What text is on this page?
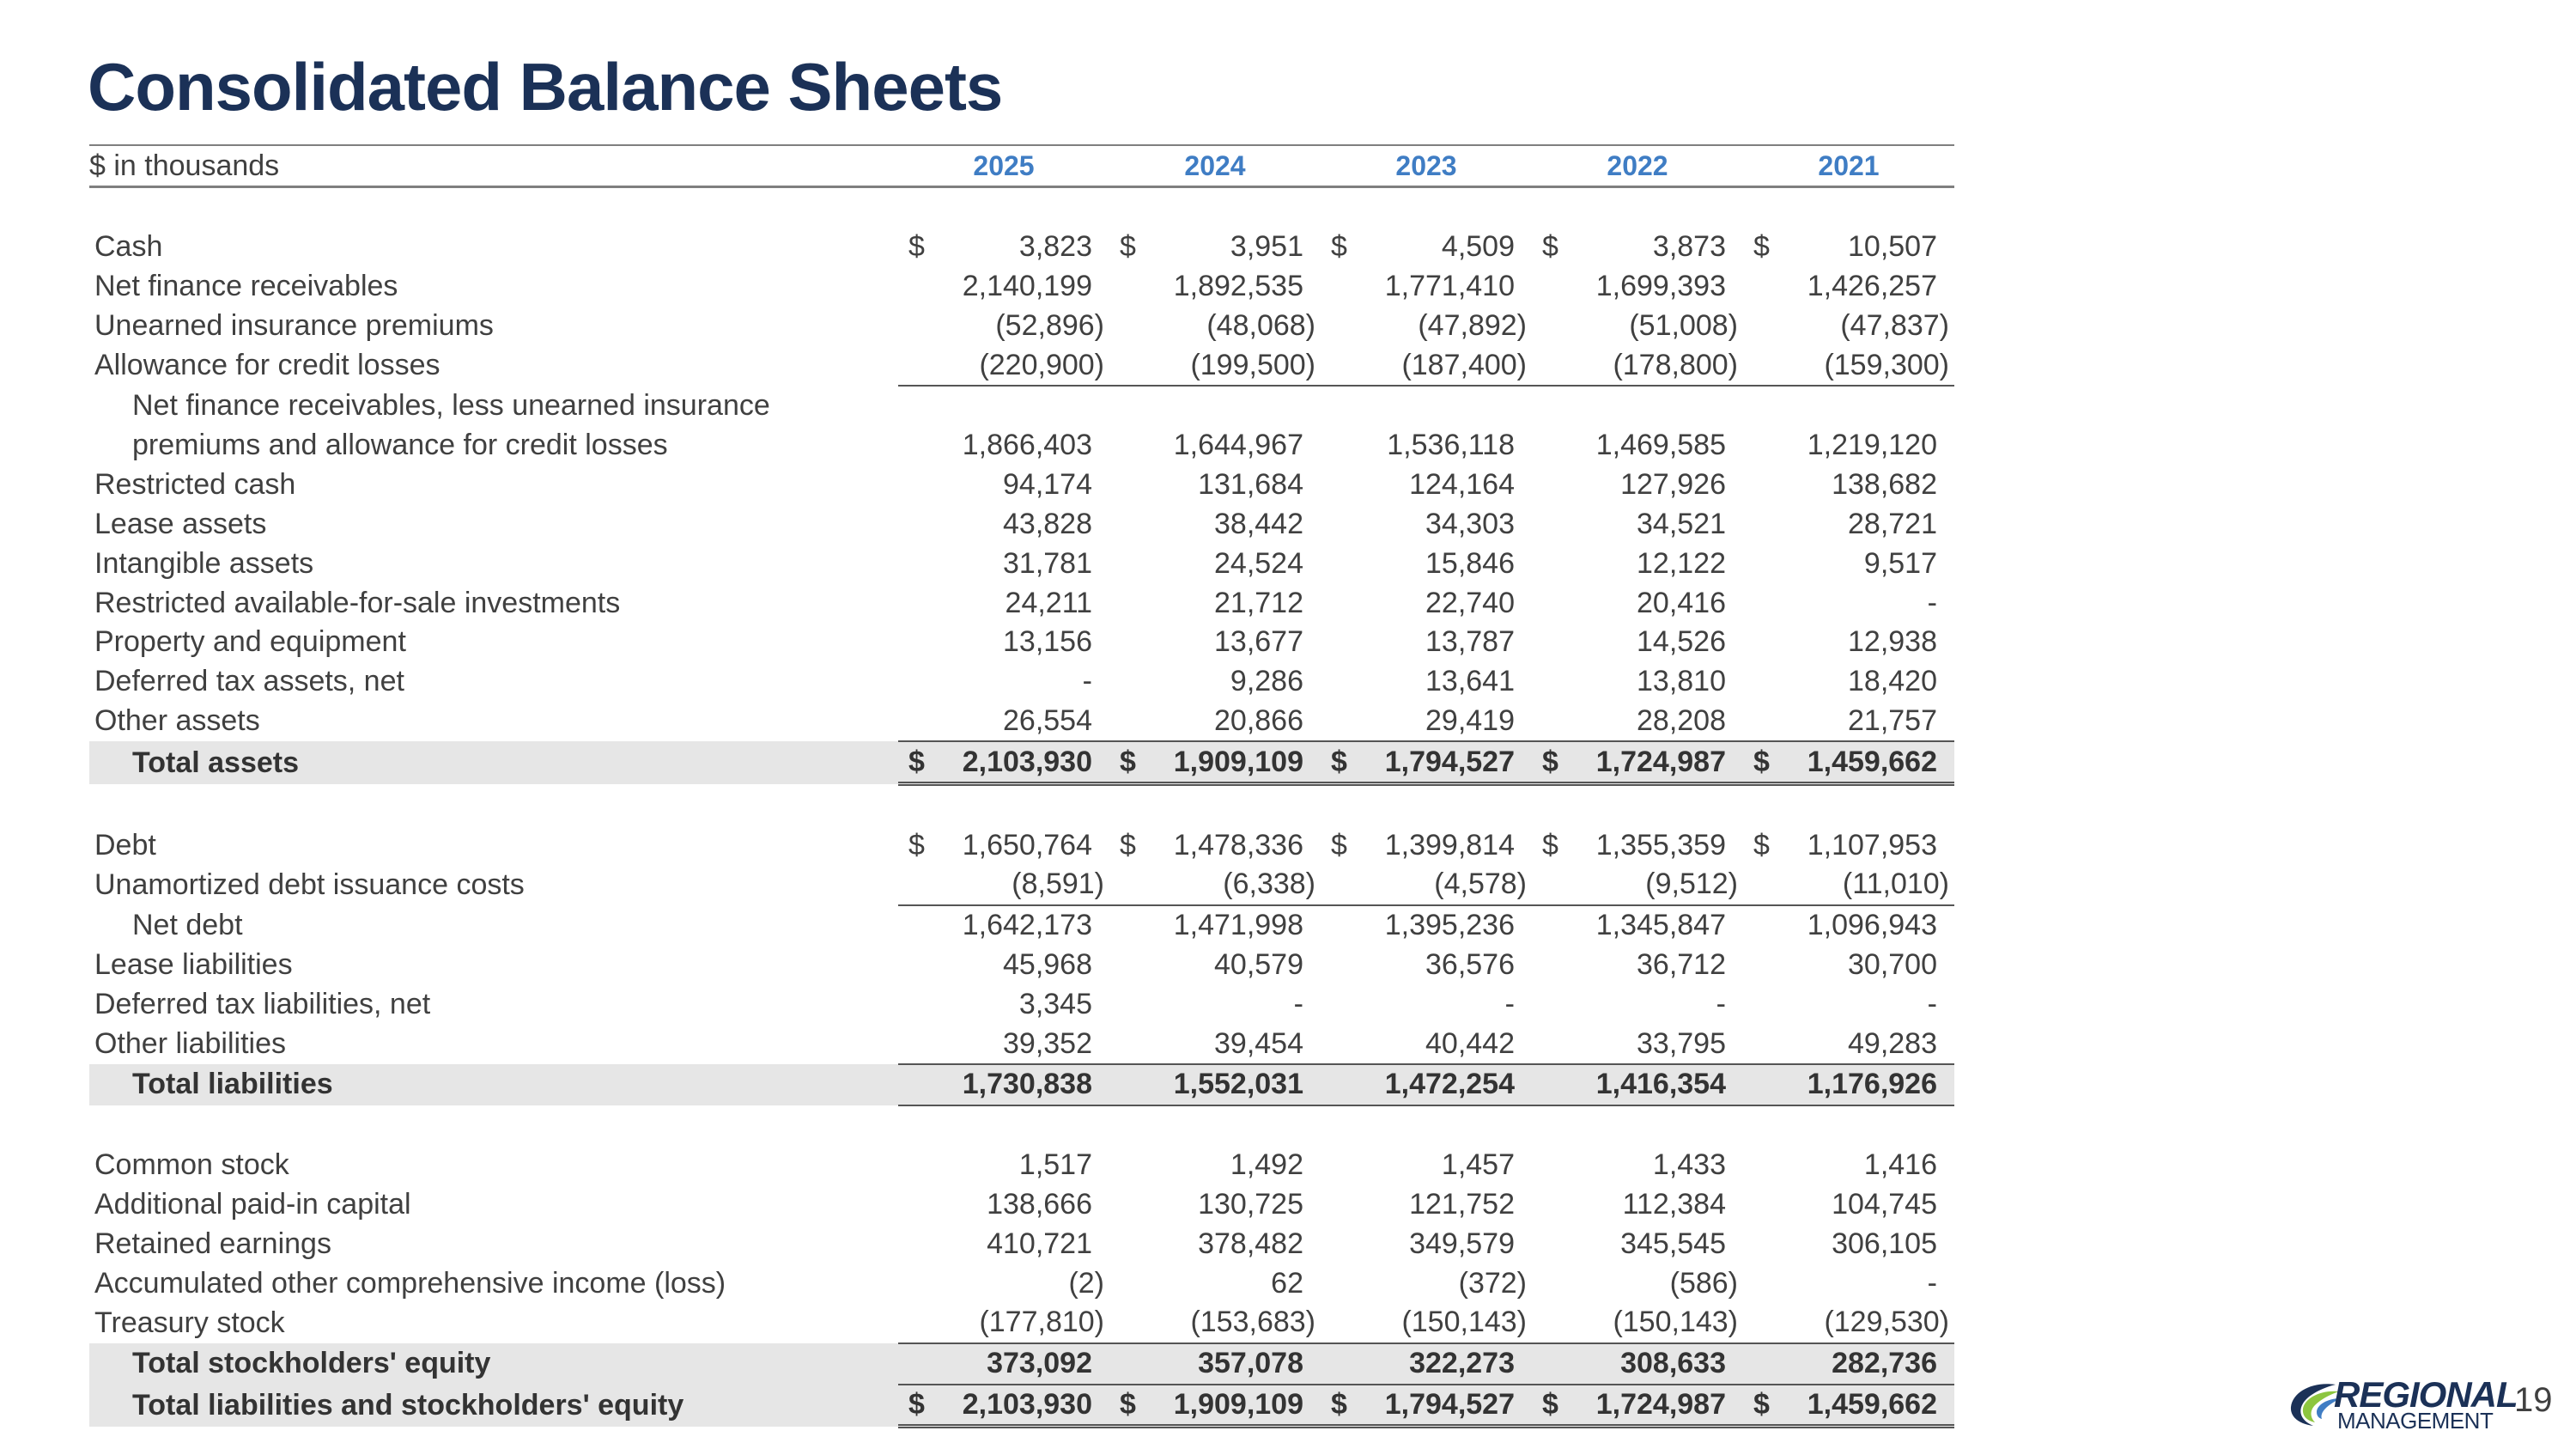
Consolidated Balance Sheets
$ in thousands	2025		2024		2023		2022		2021	

Cash	$	3,823	$	3,951	$	4,509	$	3,873	$	10,507
Net finance receivables		2,140,199		1,892,535		1,771,410		1,699,393		1,426,257
Unearned insurance premiums		(52,896)		(48,068)		(47,892)		(51,008)		(47,837)
Allowance for credit losses		(220,900)		(199,500)		(187,400)		(178,800)		(159,300)
Net finance receivables, less unearned insurance										
premiums and allowance for credit losses		1,866,403		1,644,967		1,536,118		1,469,585		1,219,120
Restricted cash		94,174		131,684		124,164		127,926		138,682
Lease assets		43,828		38,442		34,303		34,521		28,721
Intangible assets		31,781		24,524		15,846		12,122		9,517
Restricted available-for-sale investments		24,211		21,712		22,740		20,416		-
Property and equipment		13,156		13,677		13,787		14,526		12,938
Deferred tax assets, net		-		9,286		13,641		13,810		18,420
Other assets		26,554		20,866		29,419		28,208		21,757
Total assets	$	2,103,930	$	1,909,109	$	1,794,527	$	1,724,987	$	1,459,662

Debt	$	1,650,764	$	1,478,336	$	1,399,814	$	1,355,359	$	1,107,953
Unamortized debt issuance costs		(8,591)		(6,338)		(4,578)		(9,512)		(11,010)
Net debt		1,642,173		1,471,998		1,395,236		1,345,847		1,096,943
Lease liabilities		45,968		40,579		36,576		36,712		30,700
Deferred tax liabilities, net		3,345		-		-		-		-
Other liabilities		39,352		39,454		40,442		33,795		49,283
Total liabilities		1,730,838		1,552,031		1,472,254		1,416,354		1,176,926

Common stock		1,517		1,492		1,457		1,433		1,416
Additional paid-in capital		138,666		130,725		121,752		112,384		104,745
Retained earnings		410,721		378,482		349,579		345,545		306,105
Accumulated other comprehensive income (loss)		(2)		62		(372)		(586)		-
Treasury stock		(177,810)		(153,683)		(150,143)		(150,143)		(129,530)
Total stockholders' equity		373,092		357,078		322,273		308,633		282,736
Total liabilities and stockholders' equity	$	2,103,930	$	1,909,109	$	1,794,527	$	1,724,987	$	1,459,662	REGIONAL
MANAGEMENT
19
